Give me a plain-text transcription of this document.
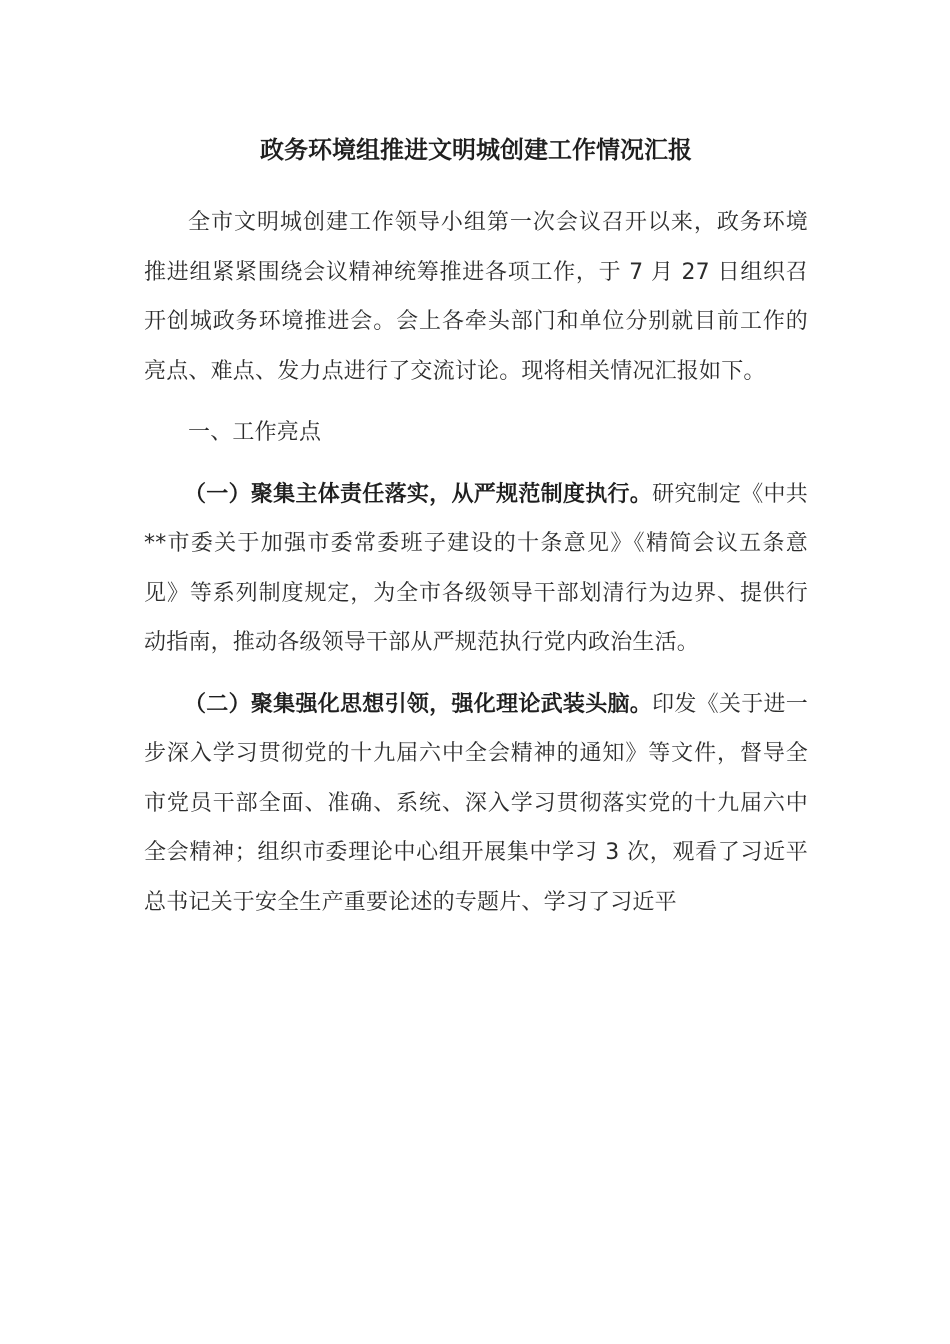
政务环境组推进文明城创建工作情况汇报

全市文明城创建工作领导小组第一次会议召开以来，政务环境推进组紧紧围绕会议精神统筹推进各项工作，于 7 月 27 日组织召开创城政务环境推进会。会上各牵头部门和单位分别就目前工作的亮点、难点、发力点进行了交流讨论。现将相关情况汇报如下。

一、工作亮点

（一）聚集主体责任落实，从严规范制度执行。研究制定《中共**市委关于加强市委常委班子建设的十条意见》《精简会议五条意见》等系列制度规定，为全市各级领导干部划清行为边界、提供行动指南，推动各级领导干部从严规范执行党内政治生活。

（二）聚集强化思想引领，强化理论武装头脑。印发《关于进一步深入学习贯彻党的十九届六中全会精神的通知》等文件，督导全市党员干部全面、准确、系统、深入学习贯彻落实党的十九届六中全会精神；组织市委理论中心组开展集中学习 3 次，观看了习近平总书记关于安全生产重要论述的专题片、学习了习近平
